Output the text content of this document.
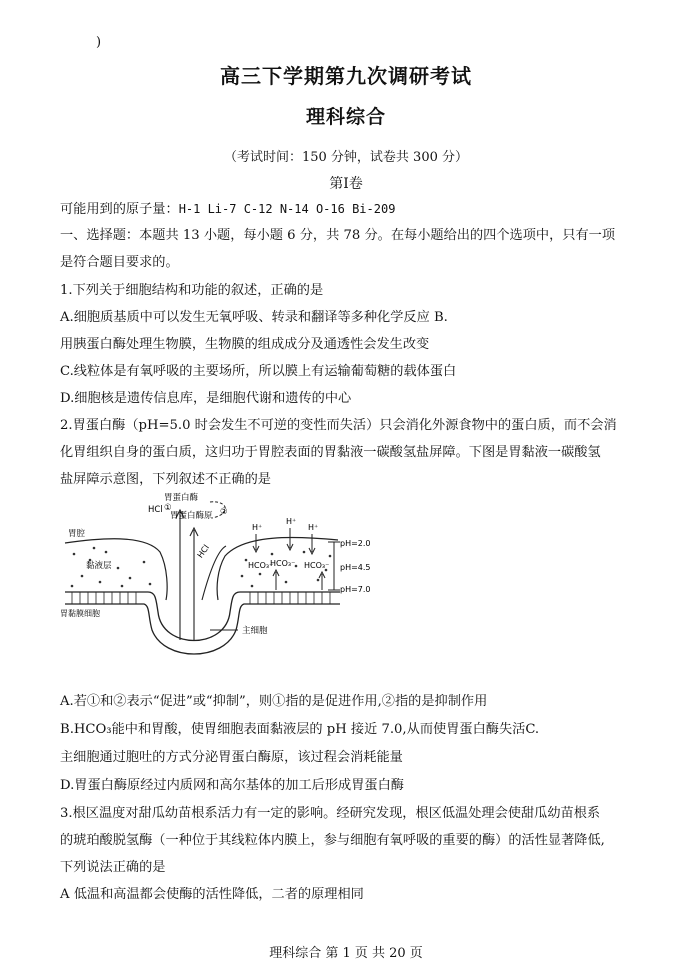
)
高三下学期第九次调研考试
理科综合
（考试时间：150 分钟，试卷共 300 分）
第Ⅰ卷
可能用到的原子量：H-1 Li-7 C-12 N-14 O-16 Bi-209
一、选择题：本题共 13 小题，每小题 6 分，共 78 分。在每小题给出的四个选项中，只有一项
是符合题目要求的。
1.下列关于细胞结构和功能的叙述，正确的是
A.细胞质基质中可以发生无氧呼吸、转录和翻译等多种化学反应 B.
用胰蛋白酶处理生物膜，生物膜的组成成分及通透性会发生改变
C.线粒体是有氧呼吸的主要场所，所以膜上有运输葡萄糖的载体蛋白
D.细胞核是遗传信息库，是细胞代谢和遗传的中心
2.胃蛋白酶（pH=5.0 时会发生不可逆的变性而失活）只会消化外源食物中的蛋白质，而不会消
化胃组织自身的蛋白质，这归功于胃腔表面的胃黏液一碳酸氢盐屏障。下图是胃黏液一碳酸氢
盐屏障示意图，下列叙述不正确的是
胃蛋白酶
胃蛋白酶原
HCl ①	②
HCl
胃腔
黏液层
胃黏膜细胞
主细胞
H⁺
H⁺
H⁺
HCO₃⁻
HCO₃⁻ HCO₃⁻
pH=2.0
pH=4.5
pH=7.0
A.若①和②表示“促进”或“抑制”，则①指的是促进作用,②指的是抑制作用
B.HCO₃能中和胃酸，使胃细胞表面黏液层的 pH 接近 7.0,从而使胃蛋白酶失活C.
主细胞通过胞吐的方式分泌胃蛋白酶原，该过程会消耗能量
D.胃蛋白酶原经过内质网和高尔基体的加工后形成胃蛋白酶
3.根区温度对甜瓜幼苗根系活力有一定的影响。经研究发现，根区低温处理会使甜瓜幼苗根系
的琥珀酸脱氢酶（一种位于其线粒体内膜上，参与细胞有氧呼吸的重要的酶）的活性显著降低,
下列说法正确的是
A 低温和高温都会使酶的活性降低，二者的原理相同
理科综合 第 1 页 共 20 页
